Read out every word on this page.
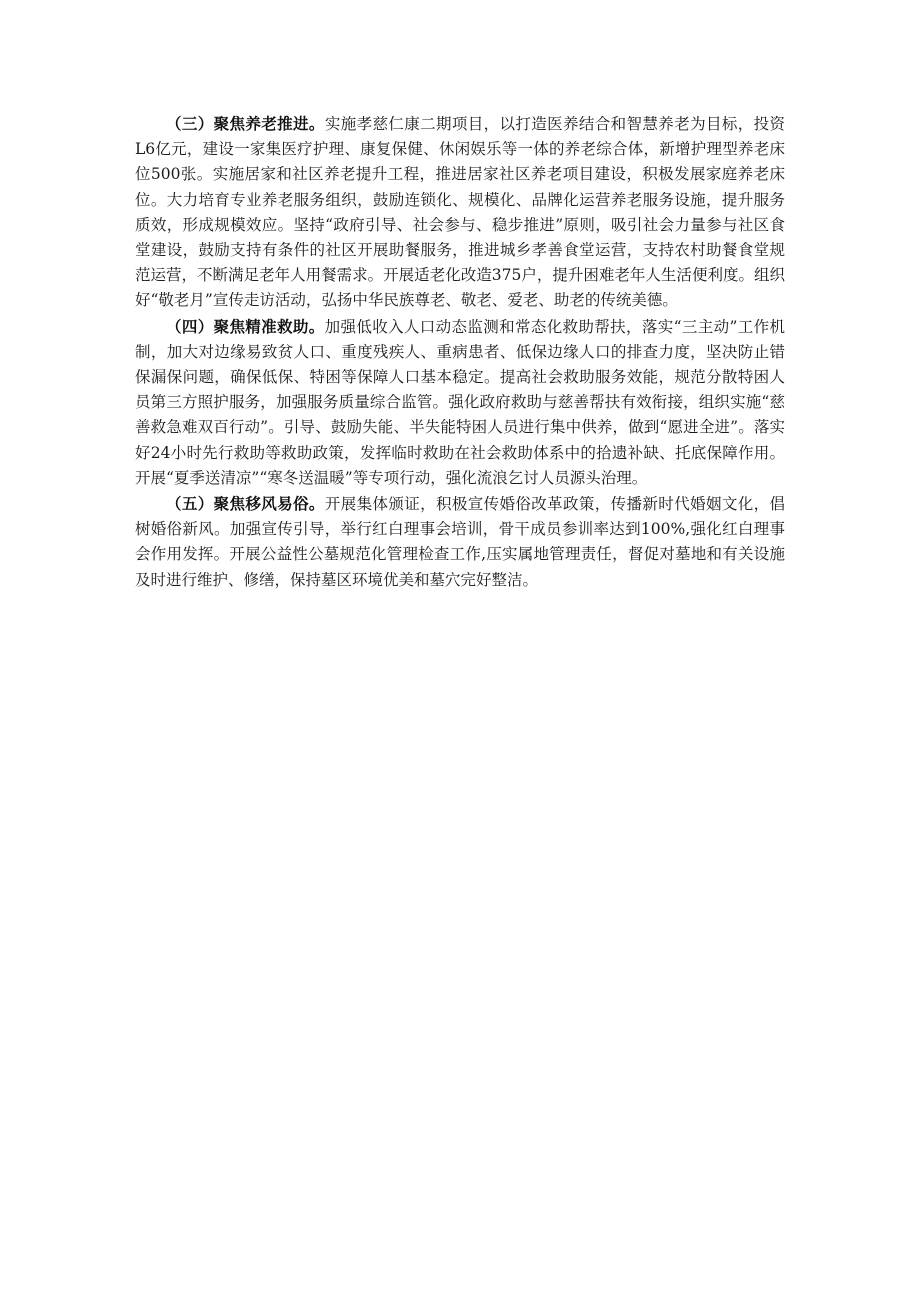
（三）聚焦养老推进。实施孝慈仁康二期项目，以打造医养结合和智慧养老为目标，投资L6亿元，建设一家集医疗护理、康复保健、休闲娱乐等一体的养老综合体，新增护理型养老床位500张。实施居家和社区养老提升工程，推进居家社区养老项目建设，积极发展家庭养老床位。大力培育专业养老服务组织，鼓励连锁化、规模化、品牌化运营养老服务设施，提升服务质效，形成规模效应。坚持“政府引导、社会参与、稳步推进”原则，吸引社会力量参与社区食堂建设，鼓励支持有条件的社区开展助餐服务，推进城乡孝善食堂运营，支持农村助餐食堂规范运营，不断满足老年人用餐需求。开展适老化改造375户，提升困难老年人生活便利度。组织好“敬老月”宣传走访活动，弘扬中华民族尊老、敬老、爱老、助老的传统美德。

（四）聚焦精准救助。加强低收入人口动态监测和常态化救助帮扶，落实“三主动”工作机制，加大对边缘易致贫人口、重度残疾人、重病患者、低保边缘人口的排查力度，坚决防止错保漏保问题，确保低保、特困等保障人口基本稳定。提高社会救助服务效能，规范分散特困人员第三方照护服务，加强服务质量综合监管。强化政府救助与慈善帮扶有效衔接，组织实施“慈善救急难双百行动”。引导、鼓励失能、半失能特困人员进行集中供养，做到“愿进全进”。落实好24小时先行救助等救助政策，发挥临时救助在社会救助体系中的拾遗补缺、托底保障作用。开展“夏季送清凉”“寒冬送温暖”等专项行动，强化流浪乞讨人员源头治理。

（五）聚焦移风易俗。开展集体颁证，积极宣传婚俗改革政策，传播新时代婚姻文化，倡树婚俗新风。加强宣传引导，举行红白理事会培训，骨干成员参训率达到100%,强化红白理事会作用发挥。开展公益性公墓规范化管理检查工作,压实属地管理责任，督促对墓地和有关设施及时进行维护、修缮，保持墓区环境优美和墓穴完好整洁。
